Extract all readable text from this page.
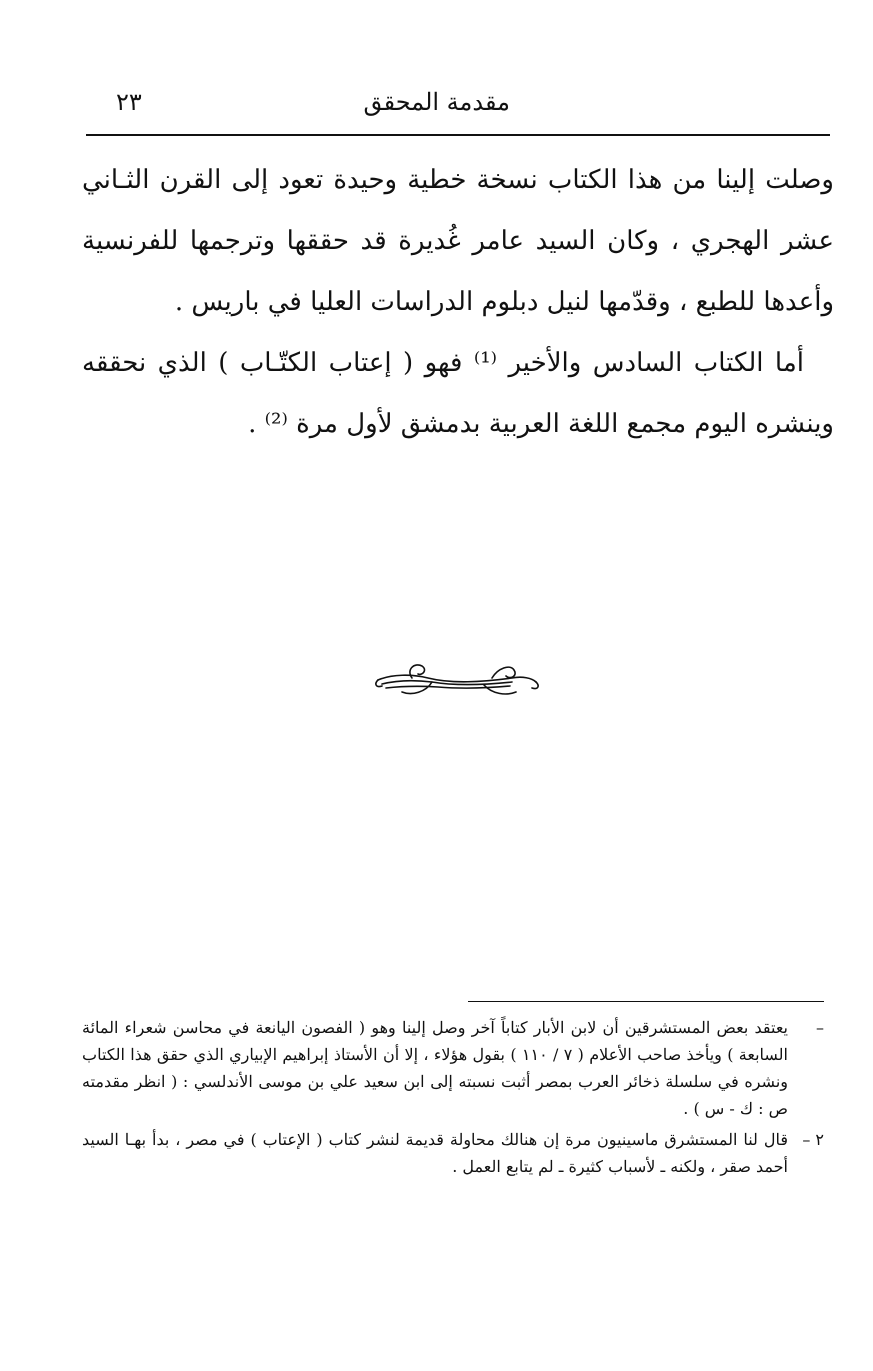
مقدمة المحقق
٢٣

وصلت إلينا من هذا الكتاب نسخة خطية وحيدة تعود إلى القرن الثـاني عشر الهجري ، وكان السيد عامر غُديرة قد حققها وترجمها للفرنسية وأعدها للطبع ، وقدّمها لنيل دبلوم الدراسات العليا في باريس .

أما الكتاب السادس والأخير ⁽¹⁾ فهو ( إعتاب الكتّـاب ) الذي نحققه وينشره اليوم مجمع اللغة العربية بدمشق لأول مرة ⁽²⁾ .

–
يعتقد بعض المستشرقين أن لابن الأبار كتاباً آخر وصل إلينا وهو ( الفصون اليانعة في محاسن شعراء المائة السابعة ) ويأخذ صاحب الأعلام ( ٧ / ١١٠ ) بقول هؤلاء ، إلا أن الأستاذ إبراهيم الإبياري الذي حقق هذا الكتاب ونشره في سلسلة ذخائر العرب بمصر أثبت نسبته إلى ابن سعيد علي بن موسى الأندلسي : ( انظر مقدمته ص : ك - س ) .
٢ –
قال لنا المستشرق ماسينيون مرة إن هنالك محاولة قديمة لنشر كتاب ( الإعتاب ) في مصر ، بدأ بهـا السيد أحمد صقر ، ولكنه ـ لأسباب كثيرة ـ لم يتابع العمل .
